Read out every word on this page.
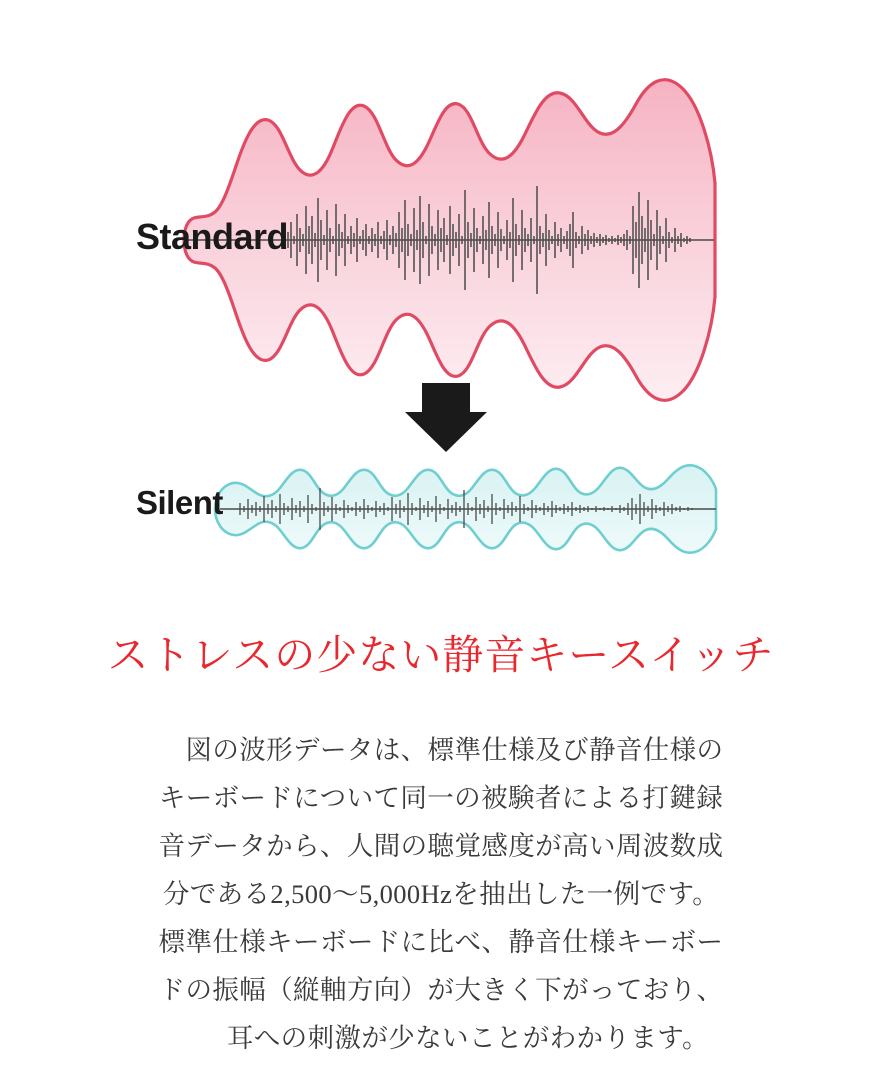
Standard
Silent
ストレスの少ない静音キースイッチ

　図の波形データは、標準仕様及び静音仕様の

キーボードについて同一の被験者による打鍵録

音データから、人間の聴覚感度が高い周波数成

分である2,500〜5,000Hzを抽出した一例です。

標準仕様キーボードに比べ、静音仕様キーボー

ドの振幅（縦軸方向）が大きく下がっており、

　　耳への刺激が少ないことがわかります。
